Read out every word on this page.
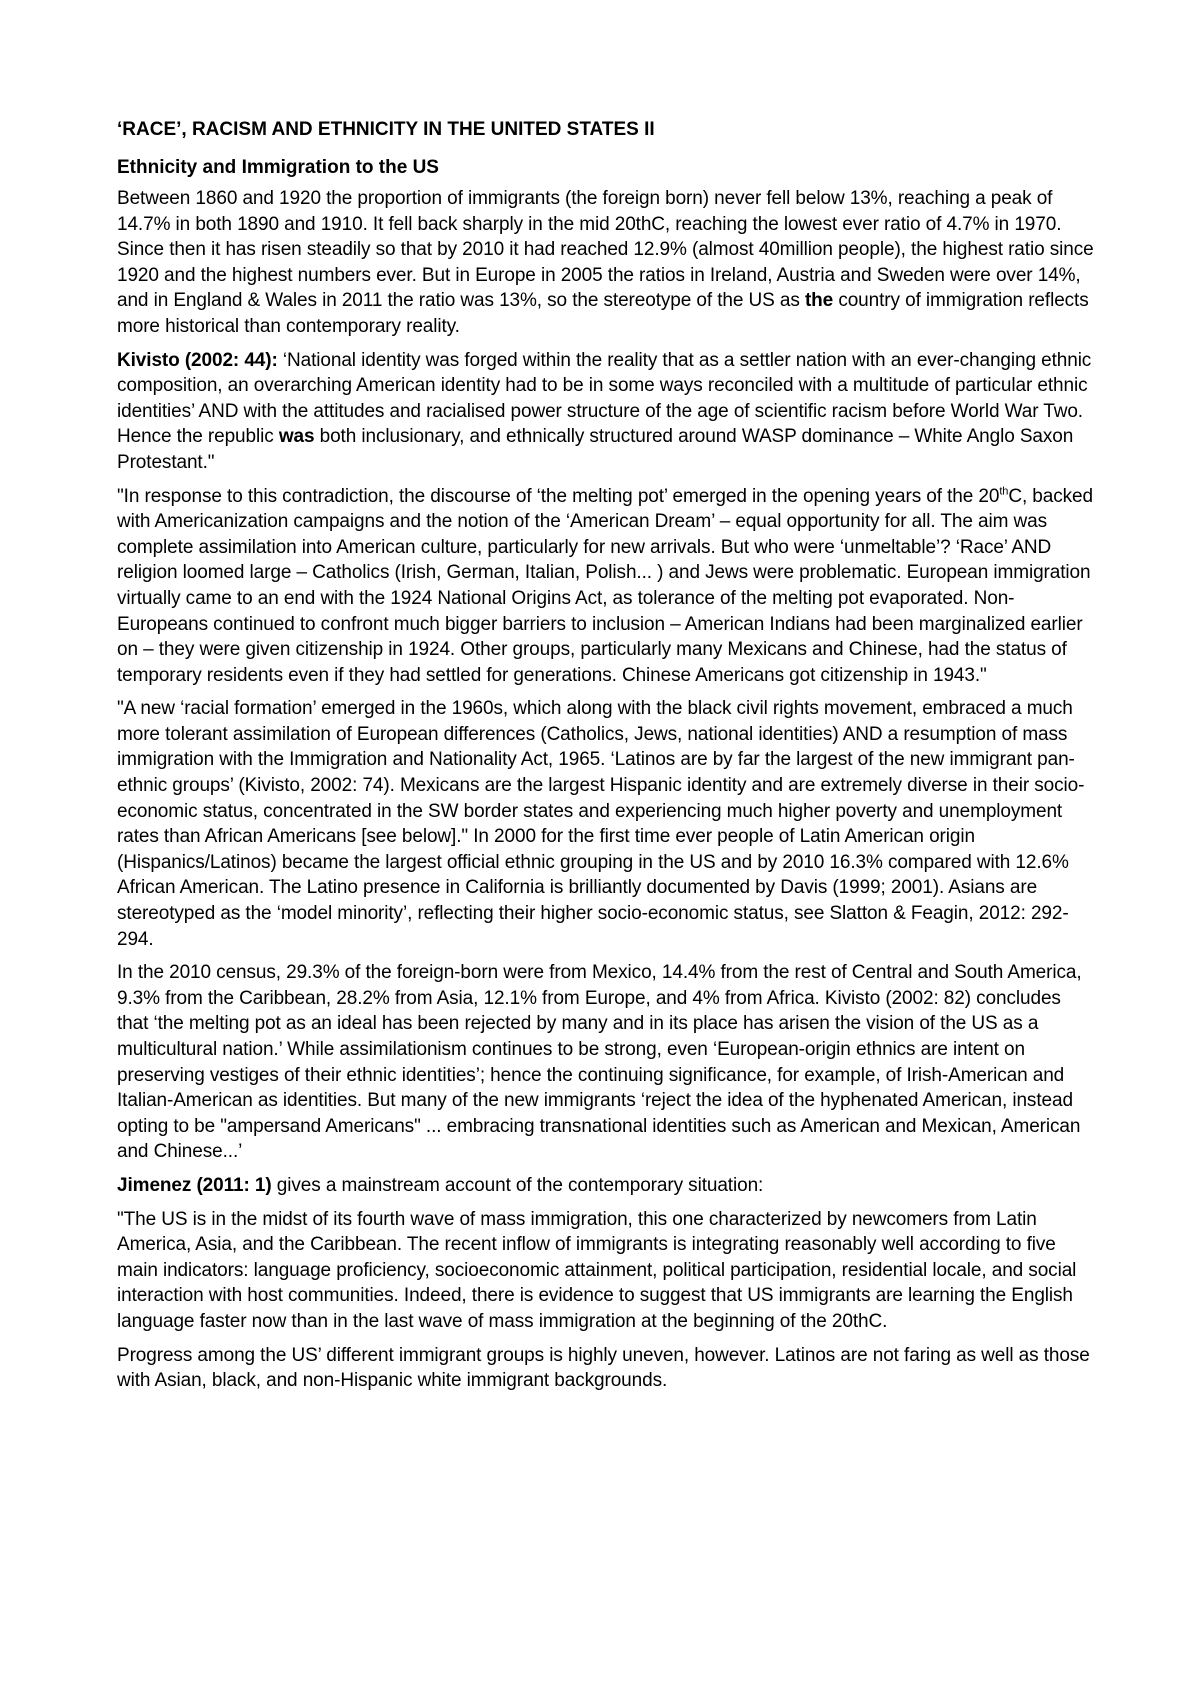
‘RACE’, RACISM AND ETHNICITY IN THE UNITED STATES II
Ethnicity and Immigration to the US

Between 1860 and 1920 the proportion of immigrants (the foreign born) never fell below 13%, reaching a peak of 14.7% in both 1890 and 1910. It fell back sharply in the mid 20thC, reaching the lowest ever ratio of 4.7% in 1970. Since then it has risen steadily so that by 2010 it had reached 12.9% (almost 40million people), the highest ratio since 1920 and the highest numbers ever. But in Europe in 2005 the ratios in Ireland, Austria and Sweden were over 14%, and in England & Wales in 2011 the ratio was 13%, so the stereotype of the US as the country of immigration reflects more historical than contemporary reality.

Kivisto (2002: 44): ‘National identity was forged within the reality that as a settler nation with an ever-changing ethnic composition, an overarching American identity had to be in some ways reconciled with a multitude of particular ethnic identities’ AND with the attitudes and racialised power structure of the age of scientific racism before World War Two. Hence the republic was both inclusionary, and ethnically structured around WASP dominance – White Anglo Saxon Protestant."

"In response to this contradiction, the discourse of ‘the melting pot’ emerged in the opening years of the 20thC, backed with Americanization campaigns and the notion of the ‘American Dream’ – equal opportunity for all. The aim was complete assimilation into American culture, particularly for new arrivals. But who were ‘unmeltable’? ‘Race’ AND religion loomed large – Catholics (Irish, German, Italian, Polish... ) and Jews were problematic. European immigration virtually came to an end with the 1924 National Origins Act, as tolerance of the melting pot evaporated. Non-Europeans continued to confront much bigger barriers to inclusion – American Indians had been marginalized earlier on – they were given citizenship in 1924. Other groups, particularly many Mexicans and Chinese, had the status of temporary residents even if they had settled for generations. Chinese Americans got citizenship in 1943."

"A new ‘racial formation’ emerged in the 1960s, which along with the black civil rights movement, embraced a much more tolerant assimilation of European differences (Catholics, Jews, national identities) AND a resumption of mass immigration with the Immigration and Nationality Act, 1965. ‘Latinos are by far the largest of the new immigrant pan-ethnic groups’ (Kivisto, 2002: 74). Mexicans are the largest Hispanic identity and are extremely diverse in their socio-economic status, concentrated in the SW border states and experiencing much higher poverty and unemployment rates than African Americans [see below]." In 2000 for the first time ever people of Latin American origin (Hispanics/Latinos) became the largest official ethnic grouping in the US and by 2010 16.3% compared with 12.6% African American. The Latino presence in California is brilliantly documented by Davis (1999; 2001). Asians are stereotyped as the ‘model minority’, reflecting their higher socio-economic status, see Slatton & Feagin, 2012: 292-294.

In the 2010 census, 29.3% of the foreign-born were from Mexico, 14.4% from the rest of Central and South America, 9.3% from the Caribbean, 28.2% from Asia, 12.1% from Europe, and 4% from Africa. Kivisto (2002: 82) concludes that ‘the melting pot as an ideal has been rejected by many and in its place has arisen the vision of the US as a multicultural nation.’ While assimilationism continues to be strong, even ‘European-origin ethnics are intent on preserving vestiges of their ethnic identities’; hence the continuing significance, for example, of Irish-American and Italian-American as identities. But many of the new immigrants ‘reject the idea of the hyphenated American, instead opting to be "ampersand Americans" ... embracing transnational identities such as American and Mexican, American and Chinese...’

Jimenez (2011: 1) gives a mainstream account of the contemporary situation:

"The US is in the midst of its fourth wave of mass immigration, this one characterized by newcomers from Latin America, Asia, and the Caribbean. The recent inflow of immigrants is integrating reasonably well according to five main indicators: language proficiency, socioeconomic attainment, political participation, residential locale, and social interaction with host communities. Indeed, there is evidence to suggest that US immigrants are learning the English language faster now than in the last wave of mass immigration at the beginning of the 20thC.

Progress among the US’ different immigrant groups is highly uneven, however. Latinos are not faring as well as those with Asian, black, and non-Hispanic white immigrant backgrounds.
